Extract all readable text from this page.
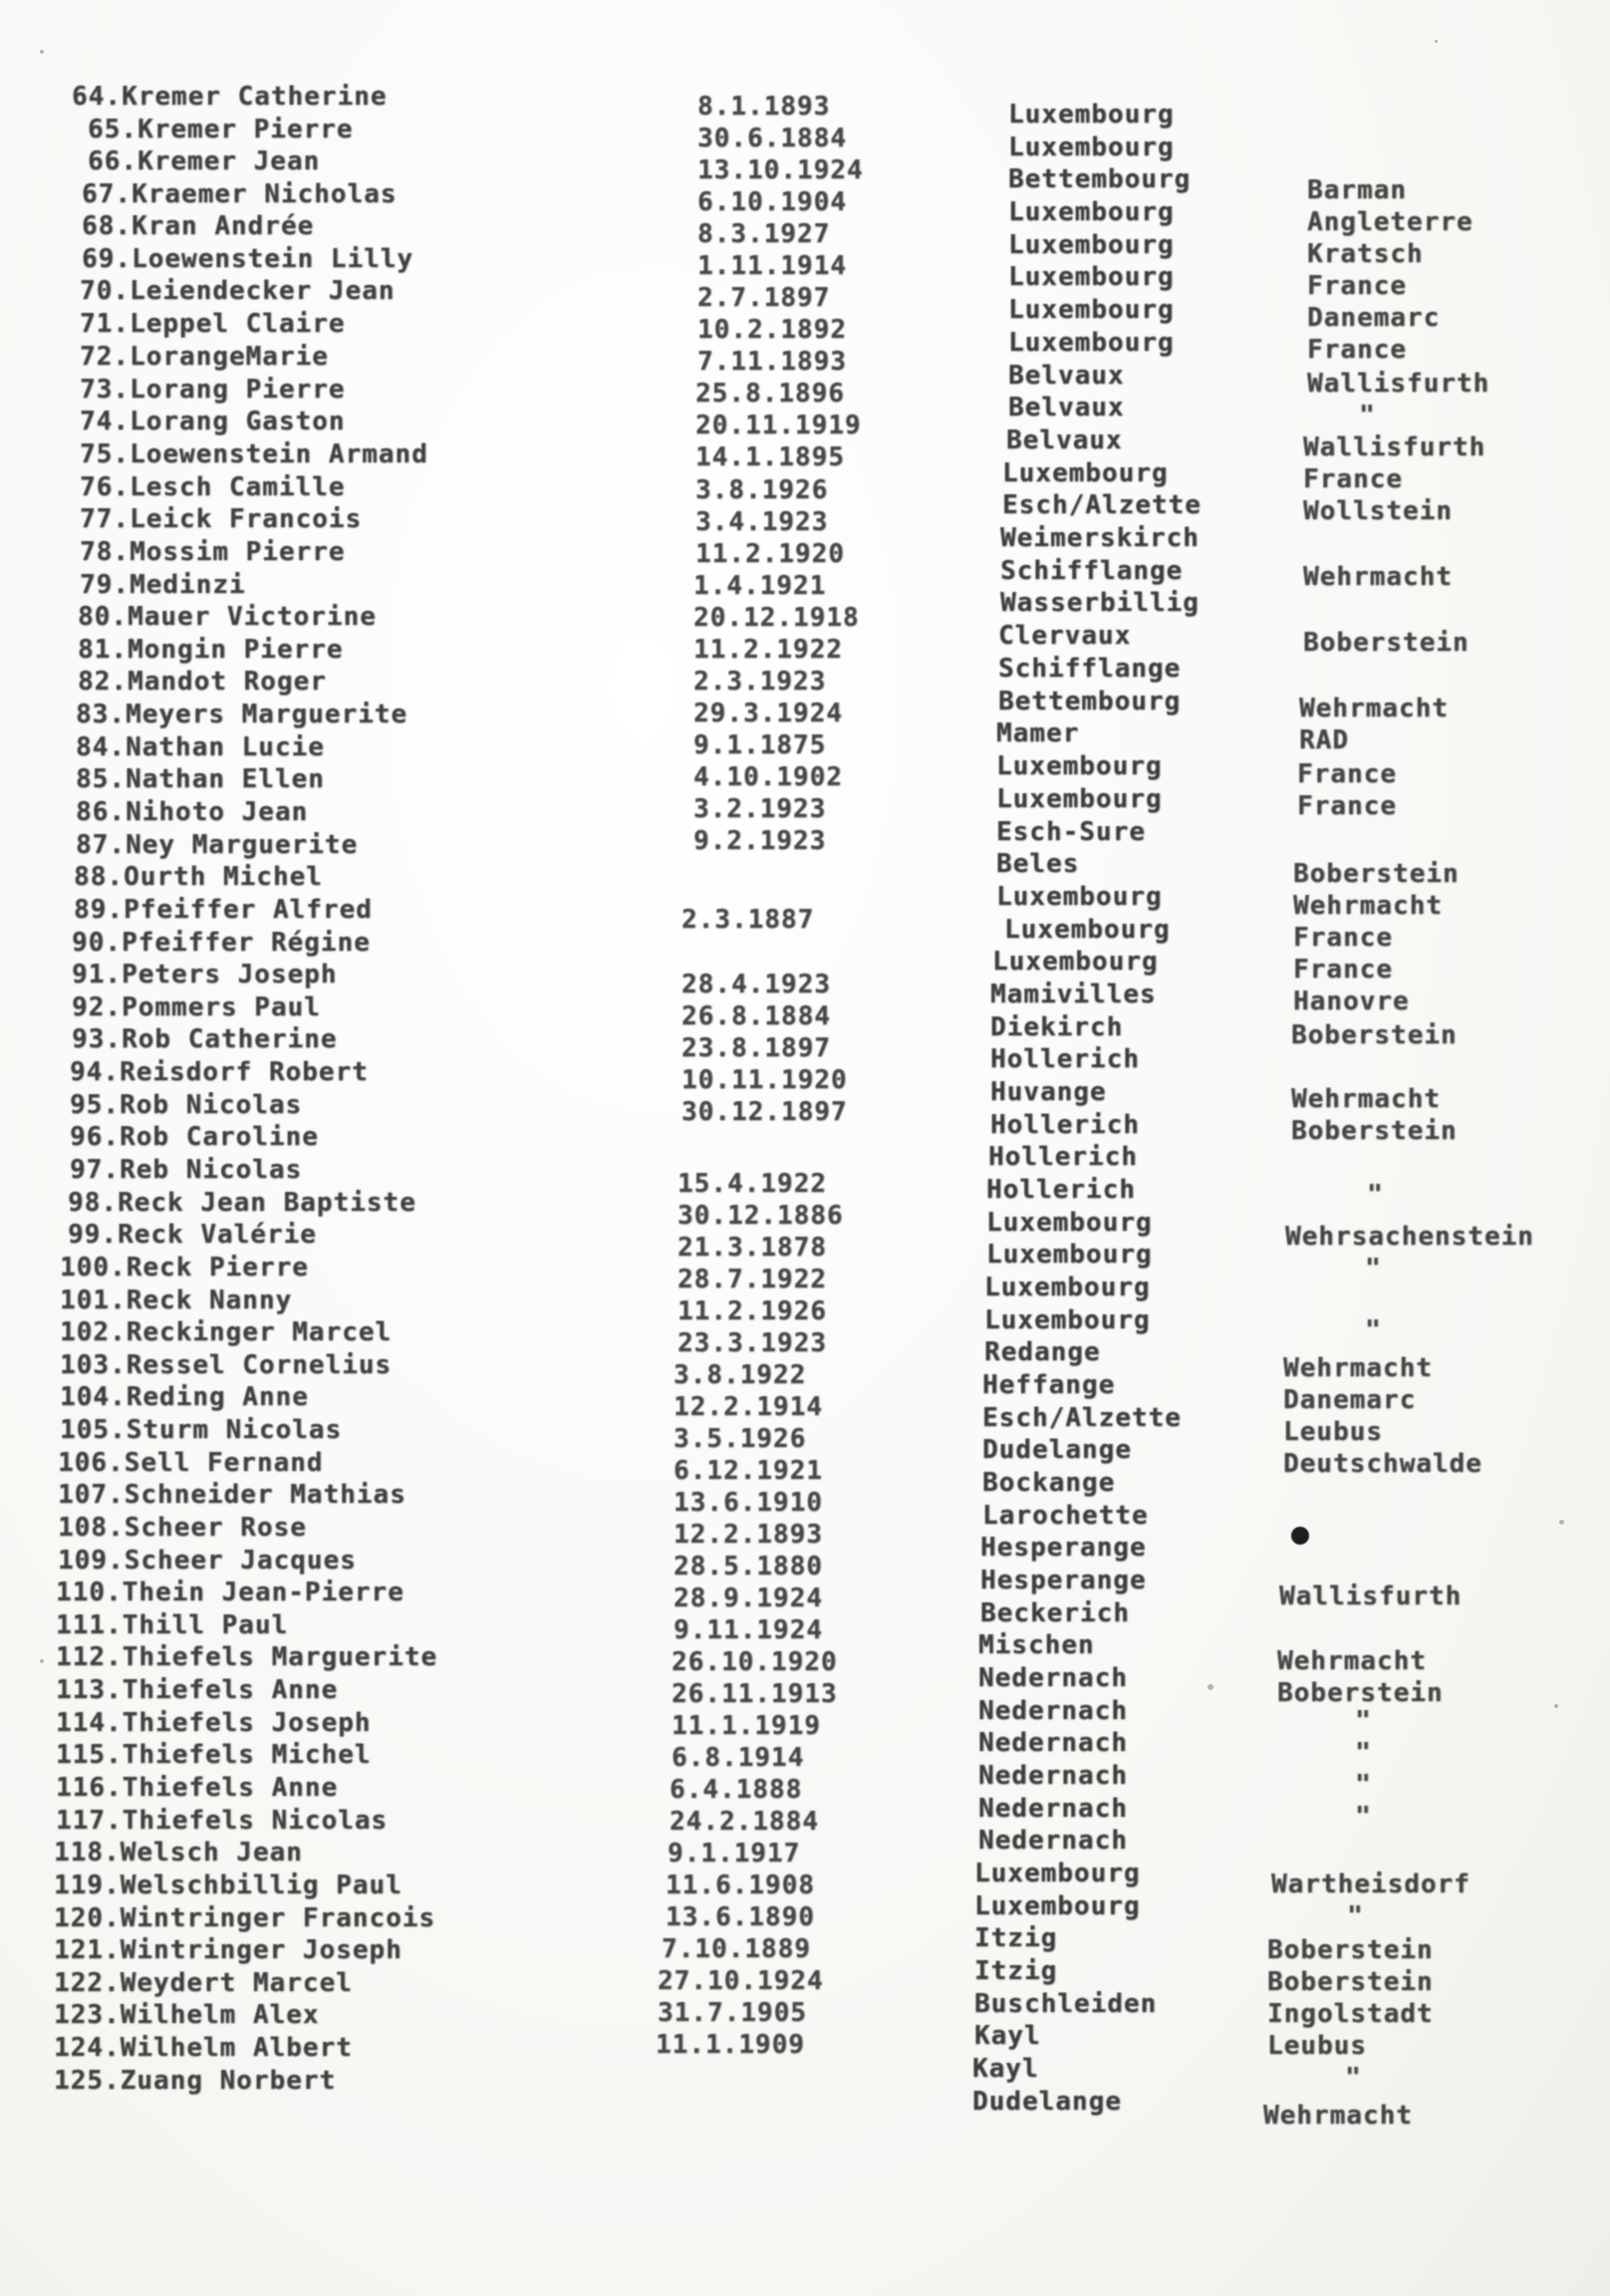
64.Kremer Catherine
65.Kremer Pierre
66.Kremer Jean
67.Kraemer Nicholas
68.Kran Andrée
69.Loewenstein Lilly
70.Leiendecker Jean
71.Leppel Claire
72.LorangeMarie
73.Lorang Pierre
74.Lorang Gaston
75.Loewenstein Armand
76.Lesch Camille
77.Leick Francois
78.Mossim Pierre
79.Medinzi
80.Mauer Victorine
81.Mongin Pierre
82.Mandot Roger
83.Meyers Marguerite
84.Nathan Lucie
85.Nathan Ellen
86.Nihoto Jean
87.Ney Marguerite
88.Ourth Michel
89.Pfeiffer Alfred
90.Pfeiffer Régine
91.Peters Joseph
92.Pommers Paul
93.Rob Catherine
94.Reisdorf Robert
95.Rob Nicolas
96.Rob Caroline
97.Reb Nicolas
98.Reck Jean Baptiste
99.Reck Valérie
100.Reck Pierre
101.Reck Nanny
102.Reckinger Marcel
103.Ressel Cornelius
104.Reding Anne
105.Sturm Nicolas
106.Sell Fernand
107.Schneider Mathias
108.Scheer Rose
109.Scheer Jacques
110.Thein Jean-Pierre
111.Thill Paul
112.Thiefels Marguerite
113.Thiefels Anne
114.Thiefels Joseph
115.Thiefels Michel
116.Thiefels Anne
117.Thiefels Nicolas
118.Welsch Jean
119.Welschbillig Paul
120.Wintringer Francois
121.Wintringer Joseph
122.Weydert Marcel
123.Wilhelm Alex
124.Wilhelm Albert
125.Zuang Norbert
8.1.1893
30.6.1884
13.10.1924
6.10.1904
8.3.1927
1.11.1914
2.7.1897
10.2.1892
7.11.1893
25.8.1896
20.11.1919
14.1.1895
3.8.1926
3.4.1923
11.2.1920
1.4.1921
20.12.1918
11.2.1922
2.3.1923
29.3.1924
9.1.1875
4.10.1902
3.2.1923
9.2.1923
2.3.1887
28.4.1923
26.8.1884
23.8.1897
10.11.1920
30.12.1897
15.4.1922
30.12.1886
21.3.1878
28.7.1922
11.2.1926
23.3.1923
3.8.1922
12.2.1914
3.5.1926
6.12.1921
13.6.1910
12.2.1893
28.5.1880
28.9.1924
9.11.1924
26.10.1920
26.11.1913
11.1.1919
6.8.1914
6.4.1888
24.2.1884
9.1.1917
11.6.1908
13.6.1890
7.10.1889
27.10.1924
31.7.1905
11.1.1909
Luxembourg
Luxembourg
Bettembourg
Luxembourg
Luxembourg
Luxembourg
Luxembourg
Luxembourg
Belvaux
Belvaux
Belvaux
Luxembourg
Esch/Alzette
Weimerskirch
Schifflange
Wasserbillig
Clervaux
Schifflange
Bettembourg
Mamer
Luxembourg
Luxembourg
Esch-Sure
Beles
Luxembourg
Luxembourg
Luxembourg
Mamivilles
Diekirch
Hollerich
Huvange
Hollerich
Hollerich
Hollerich
Luxembourg
Luxembourg
Luxembourg
Luxembourg
Redange
Heffange
Esch/Alzette
Dudelange
Bockange
Larochette
Hesperange
Hesperange
Beckerich
Mischen
Nedernach
Nedernach
Nedernach
Nedernach
Nedernach
Nedernach
Luxembourg
Luxembourg
Itzig
Itzig
Buschleiden
Kayl
Kayl
Dudelange
Barman
Angleterre
Kratsch
France
Danemarc
France
Wallisfurth
"
Wallisfurth
France
Wollstein
Wehrmacht
Boberstein
Wehrmacht
RAD
France
France
Boberstein
Wehrmacht
France
France
Hanovre
Boberstein
Wehrmacht
Boberstein
"
Wehrsachenstein
"
"
Wehrmacht
Danemarc
Leubus
Deutschwalde
Wallisfurth
Wehrmacht
Boberstein
"
"
"
"
Wartheisdorf
"
Boberstein
Boberstein
Ingolstadt
Leubus
"
Wehrmacht
